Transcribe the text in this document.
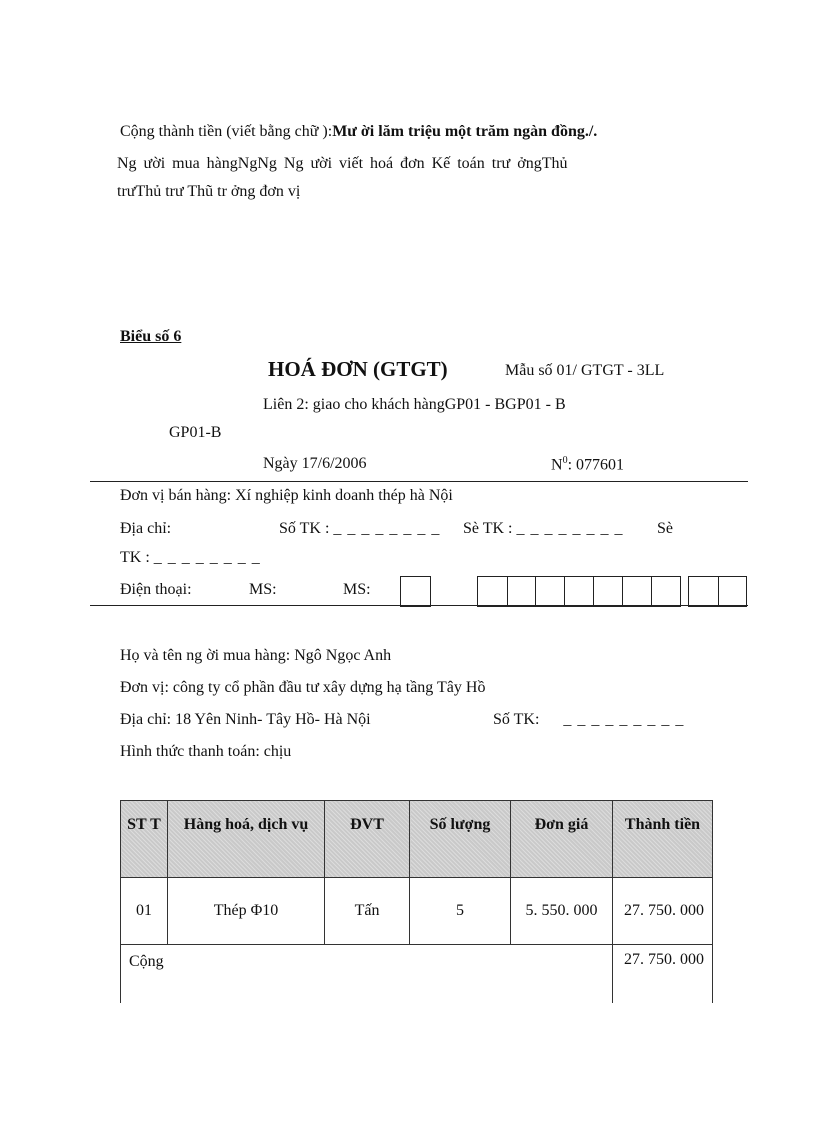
Cộng thành tiền (viết bằng chữ ):Mư ời lăm triệu một trăm ngàn đồng./.
Ng ười mua hàngNgNg Ng ười viết hoá đơn Kế toán trư ởngThủ
trưThủ trư Thũ tr ởng đơn vị
Biểu số 6
HOÁ ĐƠN (GTGT)	Mẫu số 01/ GTGT - 3LL
Liên 2: giao cho khách hàngGP01 - BGP01 - B
GP01-B
Ngày 17/6/2006	$N^0$: 077601
Đơn vị bán hàng: Xí nghiệp kinh doanh thép hà Nội
Địa chỉ:	Số TK : _ _ _ _ _ _ _ _ Sè TK : _ _ _ _ _ _ _ _ Sè
TK : _ _ _ _ _ _ _ _
Điện thoại:	MS:	MS:
Họ và tên ng ời mua hàng: Ngô Ngọc Anh
Đơn vị: công ty cổ phần đầu tư xây dựng hạ tầng Tây Hồ
Địa chỉ: 18 Yên Ninh- Tây Hồ- Hà Nội	Số TK: _ _ _ _ _ _ _ _ _
Hình thức thanh toán: chịu
ST T	Hàng hoá, dịch vụ	ĐVT	Số lượng	Đơn giá	Thành tiền
01	Thép Φ10	Tấn	5	5. 550. 000	27. 750. 000
Cộng					27. 750. 000
